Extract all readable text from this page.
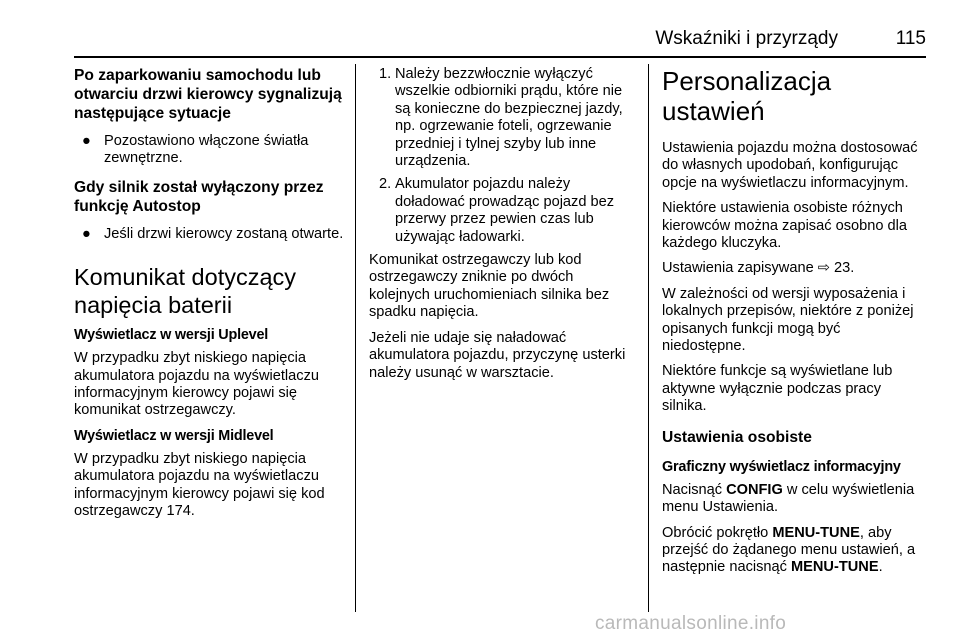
Wskaźniki i przyrządy	115
Po zaparkowaniu samochodu lub otwarciu drzwi kierowcy sygnalizują następujące sytuacje
● Pozostawiono włączone światła zewnętrzne.
Gdy silnik został wyłączony przez funkcję Autostop
● Jeśli drzwi kierowcy zostaną otwarte.
Komunikat dotyczący napięcia baterii
Wyświetlacz w wersji Uplevel

W przypadku zbyt niskiego napięcia akumulatora pojazdu na wyświetlaczu informacyjnym kierowcy pojawi się komunikat ostrzegawczy.

Wyświetlacz w wersji Midlevel

W przypadku zbyt niskiego napięcia akumulatora pojazdu na wyświetlaczu informacyjnym kierowcy pojawi się kod ostrzegawczy 174.

1. Należy bezzwłocznie wyłączyć wszelkie odbiorniki prądu, które nie są konieczne do bezpiecznej jazdy, np. ogrzewanie foteli, ogrzewanie przedniej i tylnej szyby lub inne urządzenia.
2. Akumulator pojazdu należy doładować prowadząc pojazd bez przerwy przez pewien czas lub używając ładowarki.

Komunikat ostrzegawczy lub kod ostrzegawczy zniknie po dwóch kolejnych uruchomieniach silnika bez spadku napięcia.

Jeżeli nie udaje się naładować akumulatora pojazdu, przyczynę usterki należy usunąć w warsztacie.

Personalizacja ustawień

Ustawienia pojazdu można dostosować do własnych upodobań, konfigurując opcje na wyświetlaczu informacyjnym.

Niektóre ustawienia osobiste różnych kierowców można zapisać osobno dla każdego kluczyka.

Ustawienia zapisywane ⇨ 23.

W zależności od wersji wyposażenia i lokalnych przepisów, niektóre z poniżej opisanych funkcji mogą być niedostępne.

Niektóre funkcje są wyświetlane lub aktywne wyłącznie podczas pracy silnika.

Ustawienia osobiste
Graficzny wyświetlacz informacyjny

Nacisnąć CONFIG w celu wyświetlenia menu Ustawienia.

Obrócić pokrętło MENU-TUNE, aby przejść do żądanego menu ustawień, a następnie nacisnąć MENU-TUNE.

carmanualsonline.info
